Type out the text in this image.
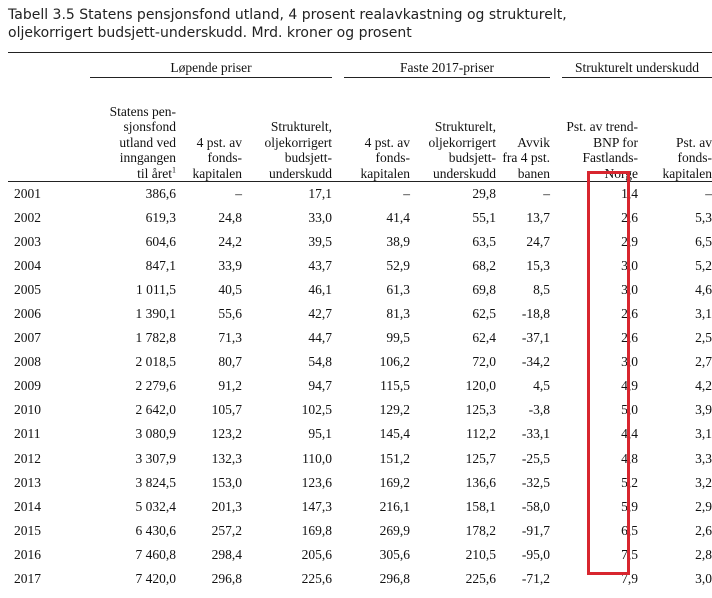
Tabell 3.5 Statens pensjonsfond utland, 4 prosent realavkastning og strukturelt, oljekorrigert budsjett-underskudd. Mrd. kroner og prosent

	Løpende priser				Faste 2017-priser				Strukturelt underskudd		
	Statens pen-
sjonsfond
utland ved
inngangen
til året$^1$	4 pst. av
fonds-
kapitalen	Strukturelt,
oljekorrigert
budsjett-
underskudd		4 pst. av
fonds-
kapitalen	Strukturelt,
oljekorrigert
budsjett-
underskudd	Avvik
fra 4 pst.
banen		Pst. av trend-
BNP for
Fastlands-
Norge		Pst. av
fonds-
kapitalen
2001	386,6	–	17,1		–	29,8	–		1,4		–
2002	619,3	24,8	33,0		41,4	55,1	13,7		2,6		5,3
2003	604,6	24,2	39,5		38,9	63,5	24,7		2,9		6,5
2004	847,1	33,9	43,7		52,9	68,2	15,3		3,0		5,2
2005	1 011,5	40,5	46,1		61,3	69,8	8,5		3,0		4,6
2006	1 390,1	55,6	42,7		81,3	62,5	-18,8		2,6		3,1
2007	1 782,8	71,3	44,7		99,5	62,4	-37,1		2,6		2,5
2008	2 018,5	80,7	54,8		106,2	72,0	-34,2		3,0		2,7
2009	2 279,6	91,2	94,7		115,5	120,0	4,5		4,9		4,2
2010	2 642,0	105,7	102,5		129,2	125,3	-3,8		5,0		3,9
2011	3 080,9	123,2	95,1		145,4	112,2	-33,1		4,4		3,1
2012	3 307,9	132,3	110,0		151,2	125,7	-25,5		4,8		3,3
2013	3 824,5	153,0	123,6		169,2	136,6	-32,5		5,2		3,2
2014	5 032,4	201,3	147,3		216,1	158,1	-58,0		5,9		2,9
2015	6 430,6	257,2	169,8		269,9	178,2	-91,7		6,5		2,6
2016	7 460,8	298,4	205,6		305,6	210,5	-95,0		7,5		2,8
2017	7 420,0	296,8	225,6		296,8	225,6	-71,2		7,9		3,0
